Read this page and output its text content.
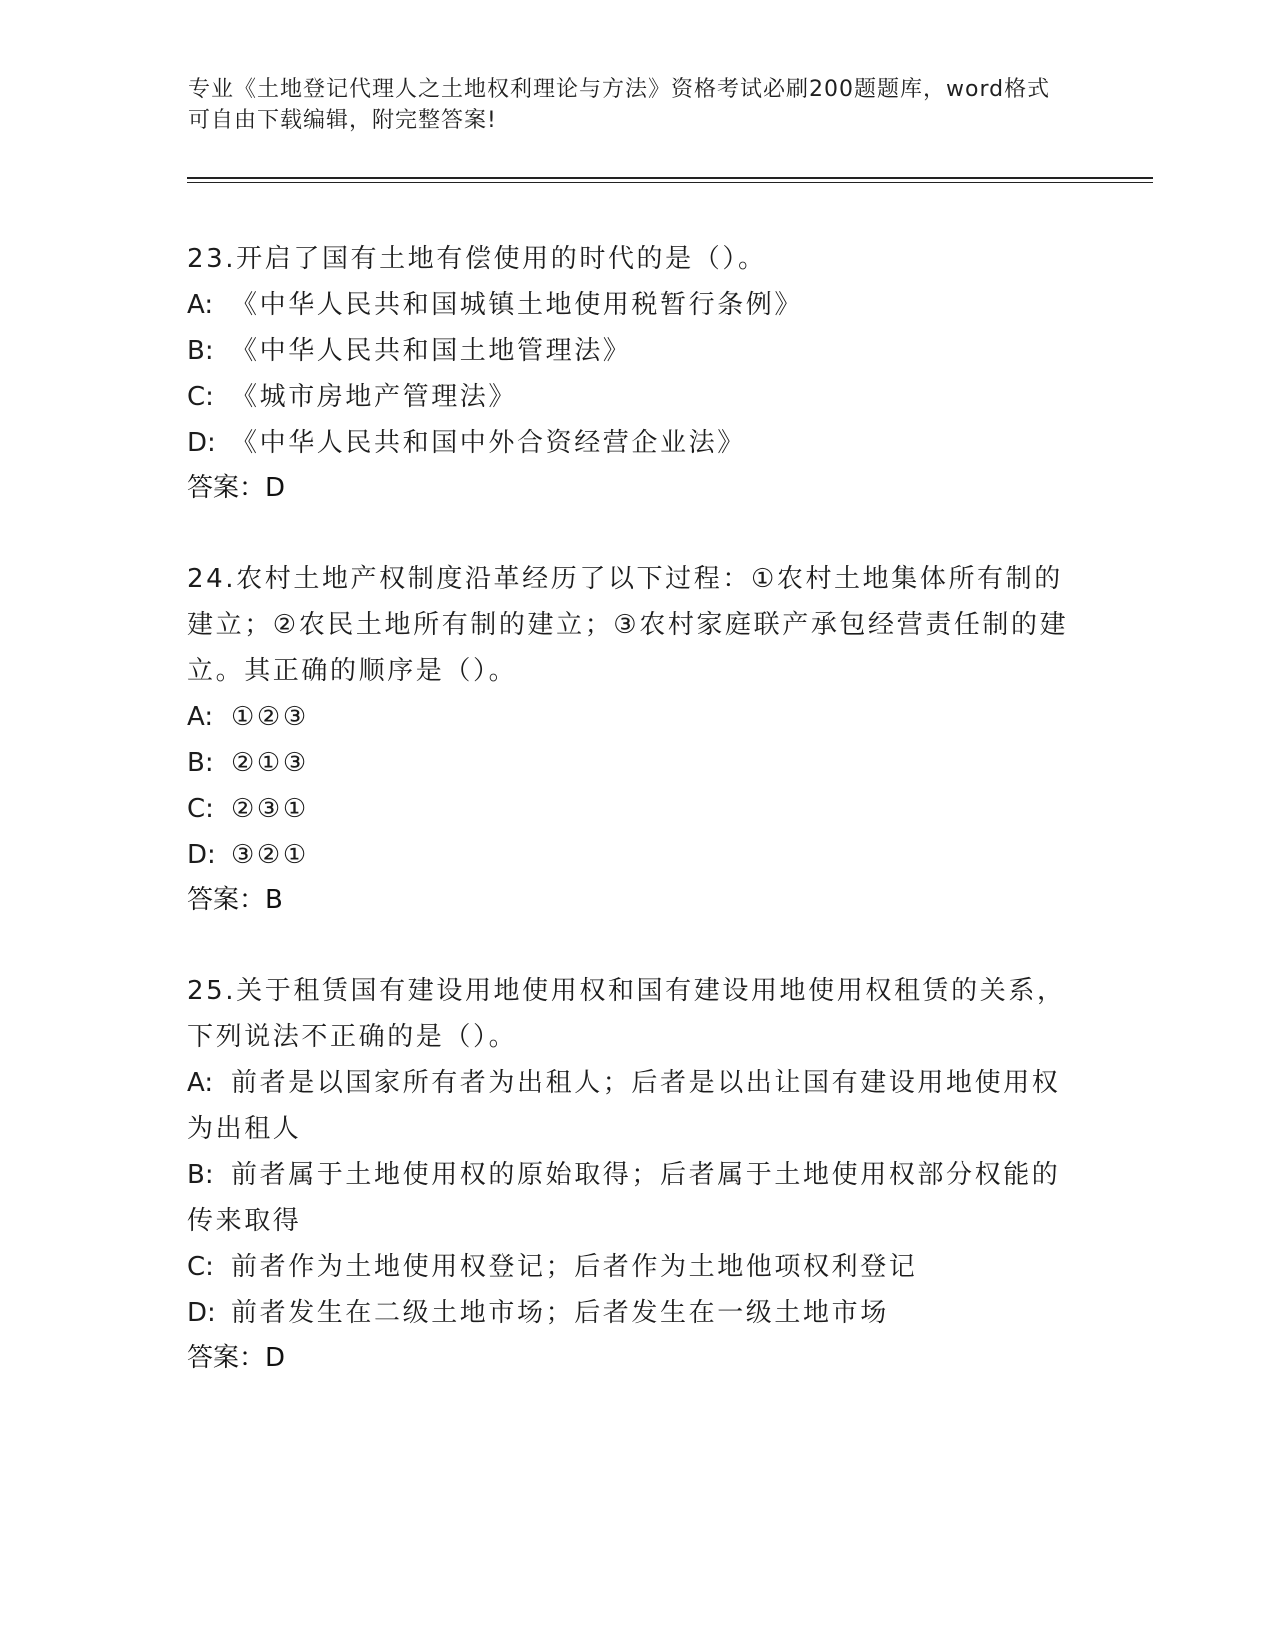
专业《土地登记代理人之土地权利理论与方法》资格考试必刷200题题库，word格式可自由下载编辑，附完整答案!
23.开启了国有土地有偿使用的时代的是（）。
A: 《中华人民共和国城镇土地使用税暂行条例》
B: 《中华人民共和国土地管理法》
C: 《城市房地产管理法》
D: 《中华人民共和国中外合资经营企业法》
答案：D
24.农村土地产权制度沿革经历了以下过程：①农村土地集体所有制的建立；②农民土地所有制的建立；③农村家庭联产承包经营责任制的建立。其正确的顺序是（）。
A: ①②③
B: ②①③
C: ②③①
D: ③②①
答案：B
25.关于租赁国有建设用地使用权和国有建设用地使用权租赁的关系，下列说法不正确的是（）。
A: 前者是以国家所有者为出租人；后者是以出让国有建设用地使用权为出租人
B: 前者属于土地使用权的原始取得；后者属于土地使用权部分权能的传来取得
C: 前者作为土地使用权登记；后者作为土地他项权利登记
D: 前者发生在二级土地市场；后者发生在一级土地市场
答案：D
